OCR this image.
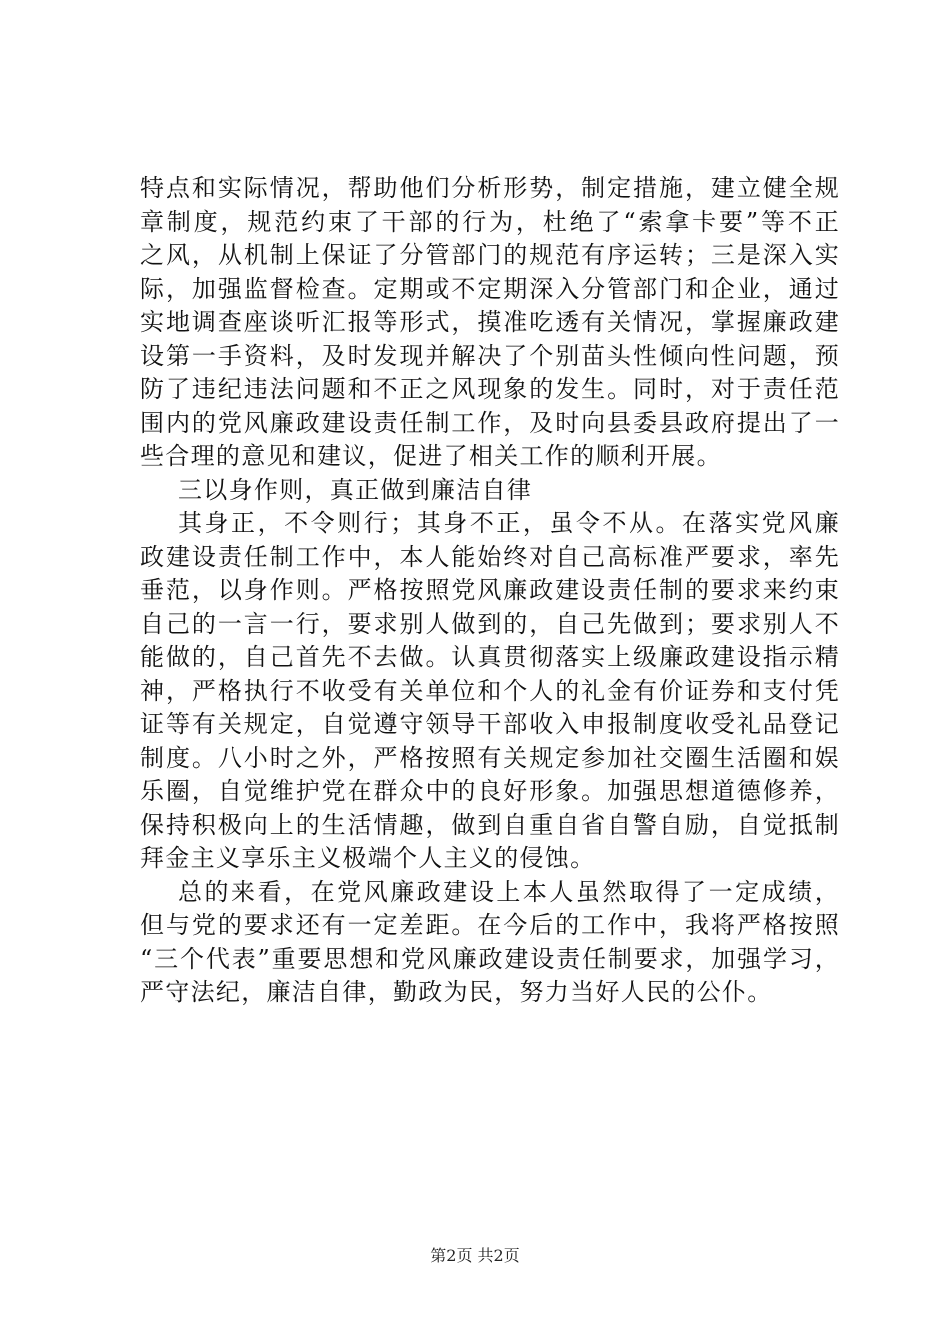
特点和实际情况，帮助他们分析形势，制定措施，建立健全规
章制度，规范约束了干部的行为，杜绝了“索拿卡要”等不正
之风，从机制上保证了分管部门的规范有序运转；三是深入实
际，加强监督检查。定期或不定期深入分管部门和企业，通过
实地调查座谈听汇报等形式，摸准吃透有关情况，掌握廉政建
设第一手资料，及时发现并解决了个别苗头性倾向性问题，预
防了违纪违法问题和不正之风现象的发生。同时，对于责任范
围内的党风廉政建设责任制工作，及时向县委县政府提出了一
些合理的意见和建议，促进了相关工作的顺利开展。
三以身作则，真正做到廉洁自律
其身正，不令则行；其身不正，虽令不从。在落实党风廉
政建设责任制工作中，本人能始终对自己高标准严要求，率先
垂范，以身作则。严格按照党风廉政建设责任制的要求来约束
自己的一言一行，要求别人做到的，自己先做到；要求别人不
能做的，自己首先不去做。认真贯彻落实上级廉政建设指示精
神，严格执行不收受有关单位和个人的礼金有价证券和支付凭
证等有关规定，自觉遵守领导干部收入申报制度收受礼品登记
制度。八小时之外，严格按照有关规定参加社交圈生活圈和娱
乐圈，自觉维护党在群众中的良好形象。加强思想道德修养，
保持积极向上的生活情趣，做到自重自省自警自励，自觉抵制
拜金主义享乐主义极端个人主义的侵蚀。
总的来看，在党风廉政建设上本人虽然取得了一定成绩，
但与党的要求还有一定差距。在今后的工作中，我将严格按照
“三个代表”重要思想和党风廉政建设责任制要求，加强学习，
严守法纪，廉洁自律，勤政为民，努力当好人民的公仆。
第2页 共2页
